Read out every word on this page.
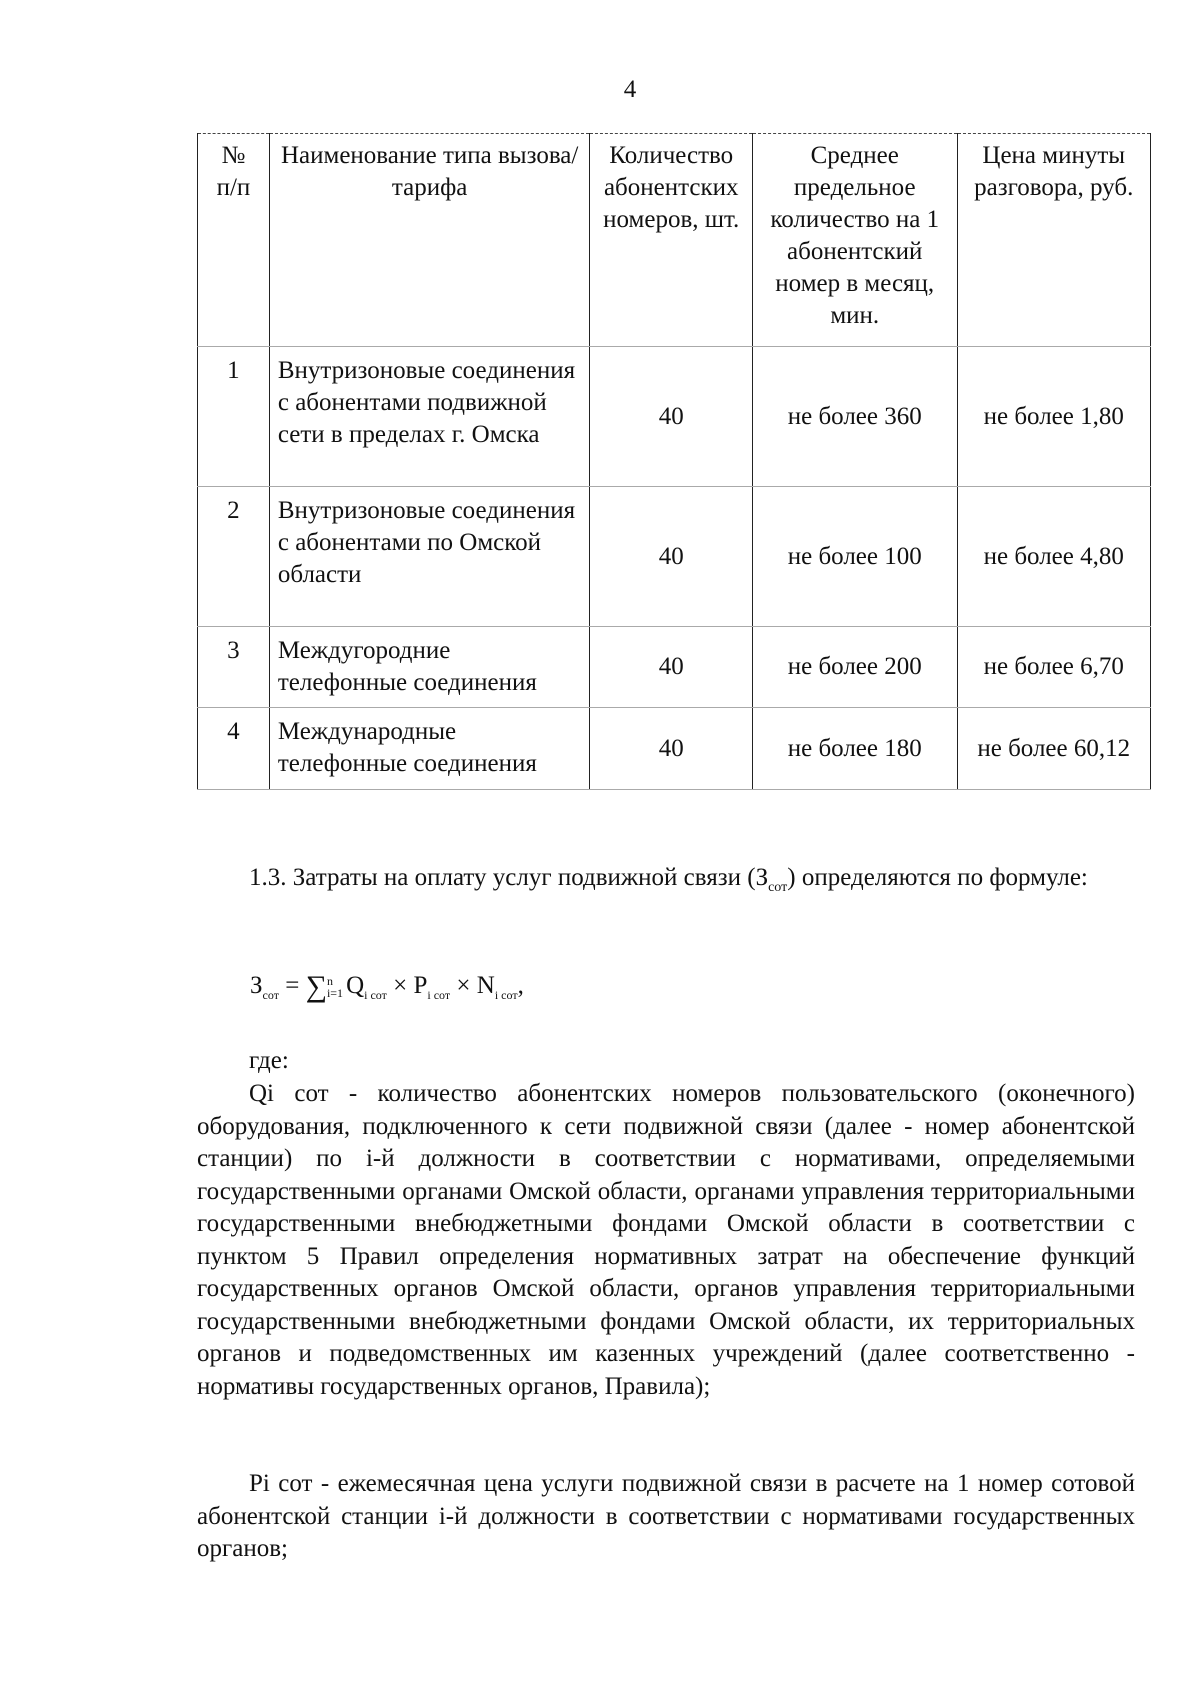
4
№
п/п	Наименование типа вызова/тарифа	Количество абонентских номеров, шт.	Среднее предельное количество на 1 абонентский номер в месяц, мин.	Цена минуты разговора, руб.
1	Внутризоновые соединения с абонентами подвижной сети в пределах г. Омска	40	не более 360	не более 1,80
2	Внутризоновые соединения с абонентами по Омской области	40	не более 100	не более 4,80
3	Междугородние телефонные соединения	40	не более 200	не более 6,70
4	Международные телефонные соединения	40	не более 180	не более 60,12
1.3. Затраты на оплату услуг подвижной связи $(З_{сот})$ определяются по формуле:
$З_{сот}$ = ∑ n
i=1 $Q_{i сот} \times P_{i сот} \times N_{i сот}$,
где:
Qi сот - количество абонентских номеров пользовательского (оконечного) оборудования, подключенного к сети подвижной связи (далее - номер абонентской станции) по i-й должности в соответствии с нормативами, определяемыми государственными органами Омской области, органами управления территориальными государственными внебюджетными фондами Омской области в соответствии с пунктом 5 Правил определения нормативных затрат на обеспечение функций государственных органов Омской области, органов управления территориальными государственными внебюджетными фондами Омской области, их территориальных органов и подведомственных им казенных учреждений (далее соответственно - нормативы государственных органов, Правила);
Pi сот - ежемесячная цена услуги подвижной связи в расчете на 1 номер сотовой абонентской станции i-й должности в соответствии с нормативами государственных органов;
